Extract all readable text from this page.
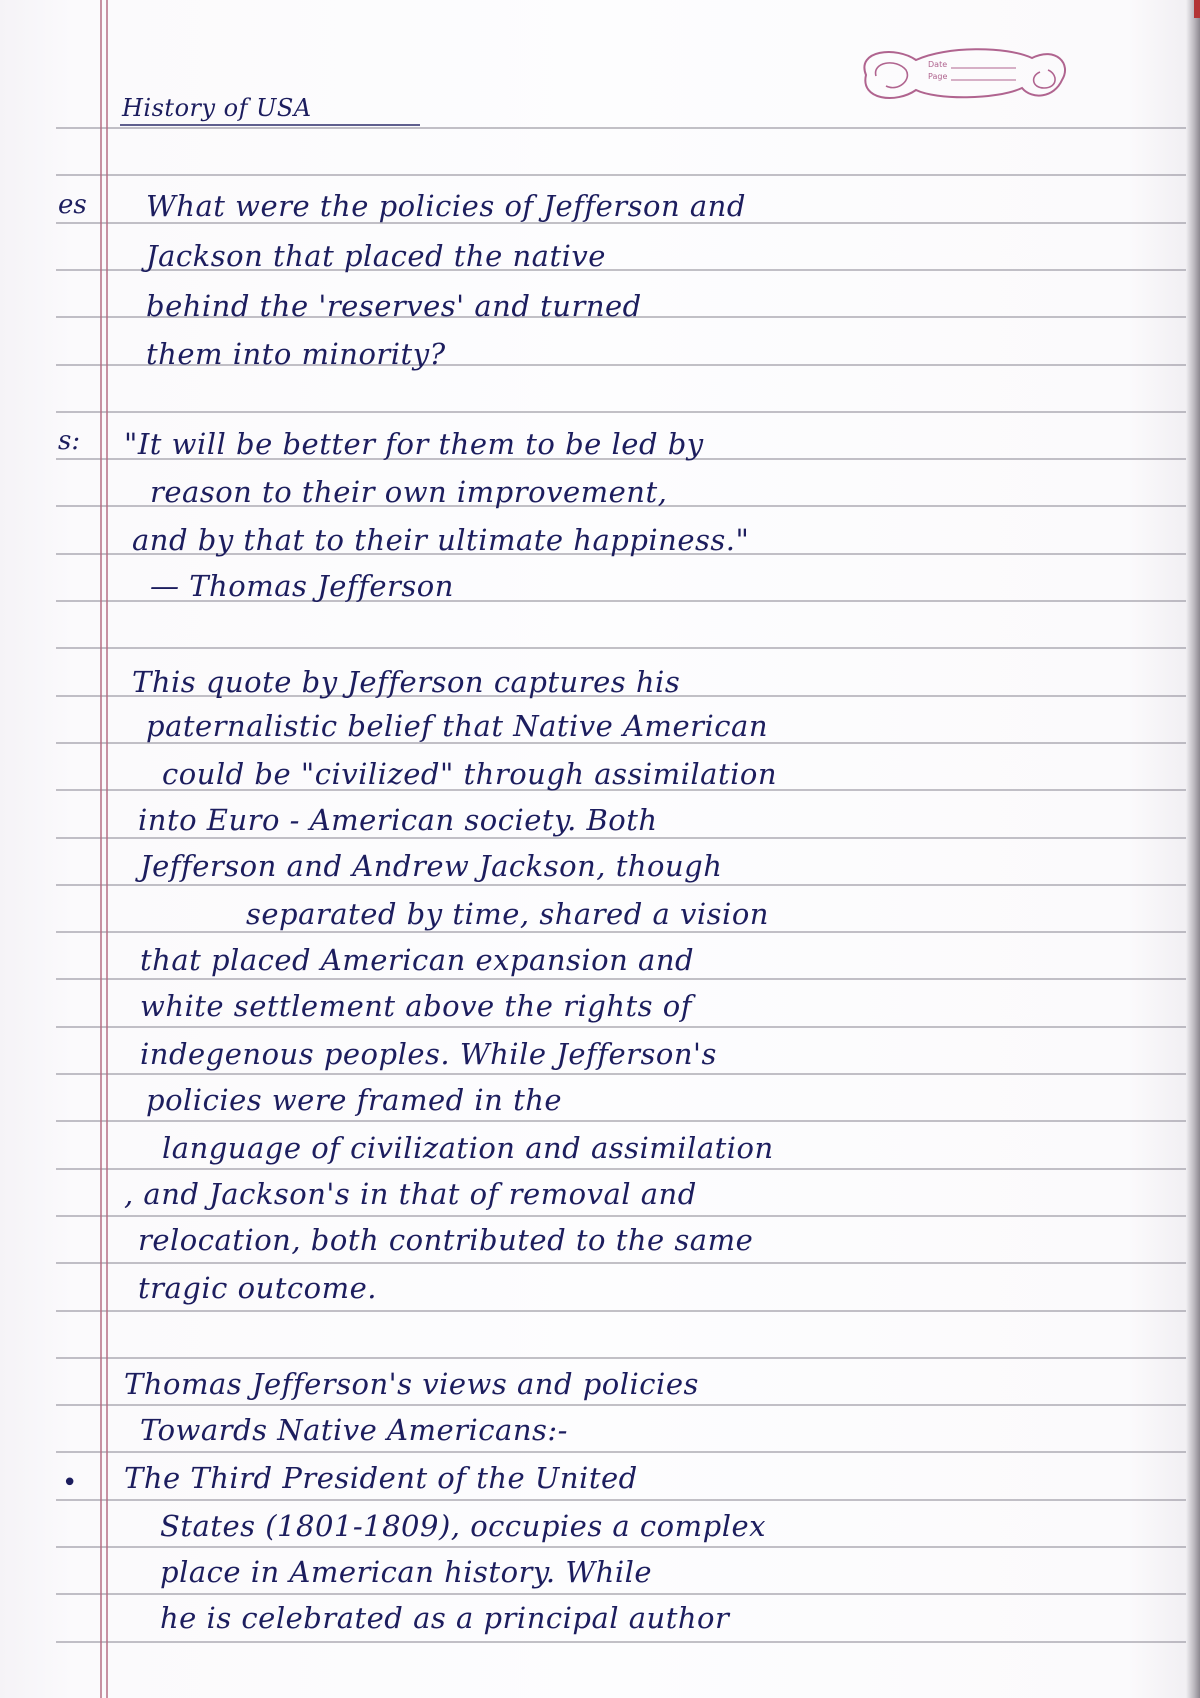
Date
Page
History of USA
es
s:
•
What were the policies of Jefferson and
Jackson that placed the native
behind the 'reserves' and turned
them into minority?
"It will be better for them to be led by
reason to their own improvement,
and by that to their ultimate happiness."
— Thomas Jefferson
This quote by Jefferson captures his
paternalistic belief that Native American
could be "civilized" through assimilation
into Euro - American society. Both
Jefferson and Andrew Jackson, though
separated by time, shared a vision
that placed American expansion and
white settlement above the rights of
indegenous peoples. While Jefferson's
policies were framed in the
language of civilization and assimilation
, and Jackson's in that of removal and
relocation, both contributed to the same
tragic outcome.
Thomas Jefferson's views and policies
Towards Native Americans:-
The Third President of the United
States (1801-1809), occupies a complex
place in American history. While
he is celebrated as a principal author
